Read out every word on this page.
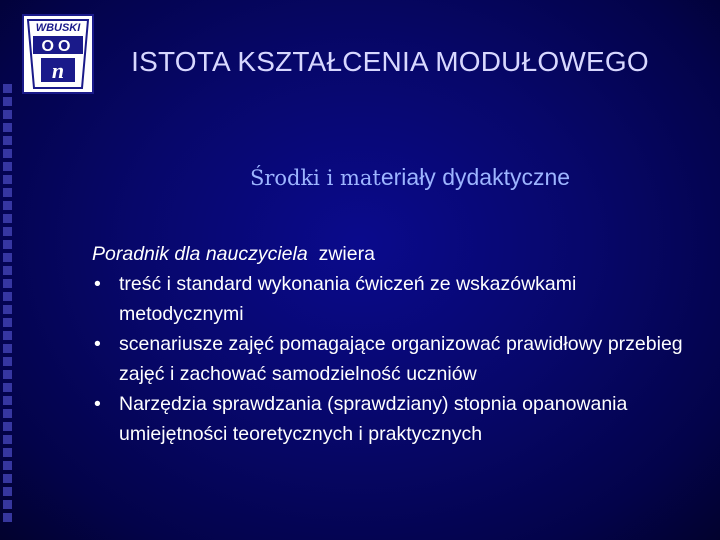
WBUSKI
OO
n ISTOTA KSZTAŁCENIA MODUŁOWEGO
Środki i materiały dydaktyczne
Poradnik dla nauczyciela zwiera
• treść i standard wykonania ćwiczeń ze wskazówkami metodycznymi
• scenariusze zajęć pomagające organizować prawidłowy przebieg zajęć i zachować samodzielność uczniów
• Narzędzia sprawdzania (sprawdziany) stopnia opanowania umiejętności teoretycznych i praktycznych
